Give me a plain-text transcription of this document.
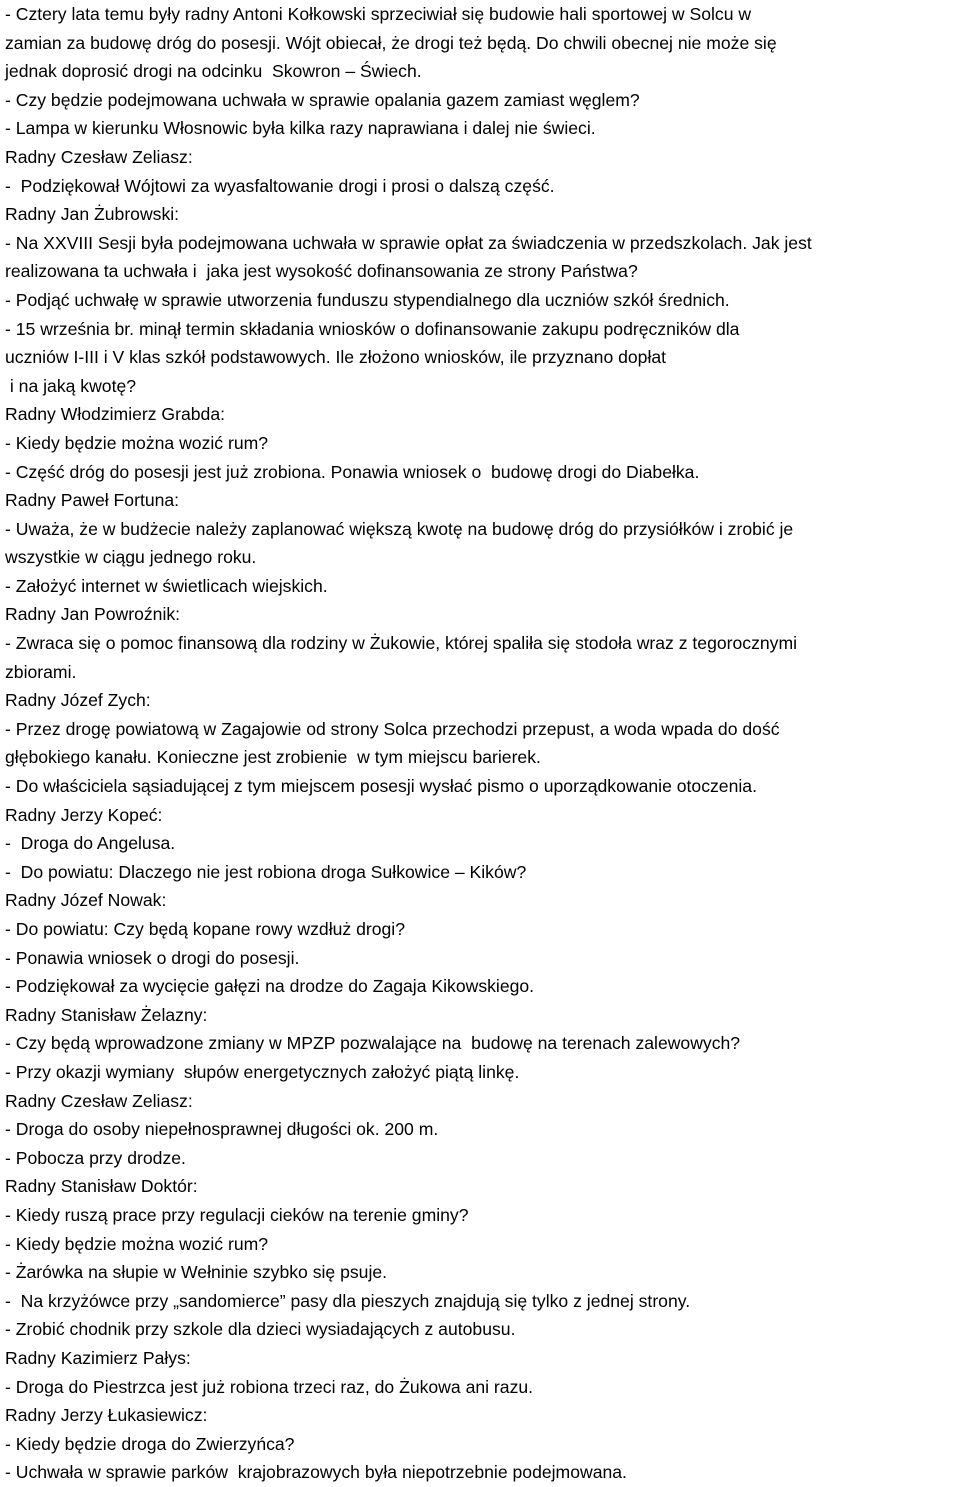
- Cztery lata temu były radny Antoni Kołkowski sprzeciwiał się budowie hali sportowej w Solcu w
zamian za budowę dróg do posesji. Wójt obiecał, że drogi też będą. Do chwili obecnej nie może się
jednak doprosić drogi na odcinku  Skowron – Świech.
- Czy będzie podejmowana uchwała w sprawie opalania gazem zamiast węglem?
- Lampa w kierunku Włosnowic była kilka razy naprawiana i dalej nie świeci.
Radny Czesław Zeliasz:
-  Podziękował Wójtowi za wyasfaltowanie drogi i prosi o dalszą część.
Radny Jan Żubrowski:
- Na XXVIII Sesji była podejmowana uchwała w sprawie opłat za świadczenia w przedszkolach. Jak jest
realizowana ta uchwała i  jaka jest wysokość dofinansowania ze strony Państwa?
- Podjąć uchwałę w sprawie utworzenia funduszu stypendialnego dla uczniów szkół średnich.
- 15 września br. minął termin składania wniosków o dofinansowanie zakupu podręczników dla
uczniów I-III i V klas szkół podstawowych. Ile złożono wniosków, ile przyznano dopłat
i na jaką kwotę?
Radny Włodzimierz Grabda:
- Kiedy będzie można wozić rum?
- Część dróg do posesji jest już zrobiona. Ponawia wniosek o  budowę drogi do Diabełka.
Radny Paweł Fortuna:
- Uważa, że w budżecie należy zaplanować większą kwotę na budowę dróg do przysiółków i zrobić je
wszystkie w ciągu jednego roku.
- Założyć internet w świetlicach wiejskich.
Radny Jan Powroźnik:
- Zwraca się o pomoc finansową dla rodziny w Żukowie, której spaliła się stodoła wraz z tegorocznymi
zbiorami.
Radny Józef Zych:
- Przez drogę powiatową w Zagajowie od strony Solca przechodzi przepust, a woda wpada do dość
głębokiego kanału. Konieczne jest zrobienie  w tym miejscu barierek.
- Do właściciela sąsiadującej z tym miejscem posesji wysłać pismo o uporządkowanie otoczenia.
Radny Jerzy Kopeć:
-  Droga do Angelusa.
-  Do powiatu: Dlaczego nie jest robiona droga Sułkowice – Kików?
Radny Józef Nowak:
- Do powiatu: Czy będą kopane rowy wzdłuż drogi?
- Ponawia wniosek o drogi do posesji.
- Podziękował za wycięcie gałęzi na drodze do Zagaja Kikowskiego.
Radny Stanisław Żelazny:
- Czy będą wprowadzone zmiany w MPZP pozwalające na  budowę na terenach zalewowych?
- Przy okazji wymiany  słupów energetycznych założyć piątą linkę.
Radny Czesław Zeliasz:
- Droga do osoby niepełnosprawnej długości ok. 200 m.
- Pobocza przy drodze.
Radny Stanisław Doktór:
- Kiedy ruszą prace przy regulacji cieków na terenie gminy?
- Kiedy będzie można wozić rum?
- Żarówka na słupie w Wełninie szybko się psuje.
-  Na krzyżówce przy „sandomierce” pasy dla pieszych znajdują się tylko z jednej strony.
- Zrobić chodnik przy szkole dla dzieci wysiadających z autobusu.
Radny Kazimierz Pałys:
- Droga do Piestrzca jest już robiona trzeci raz, do Żukowa ani razu.
Radny Jerzy Łukasiewicz:
- Kiedy będzie droga do Zwierzyńca?
- Uchwała w sprawie parków  krajobrazowych była niepotrzebnie podejmowana.
